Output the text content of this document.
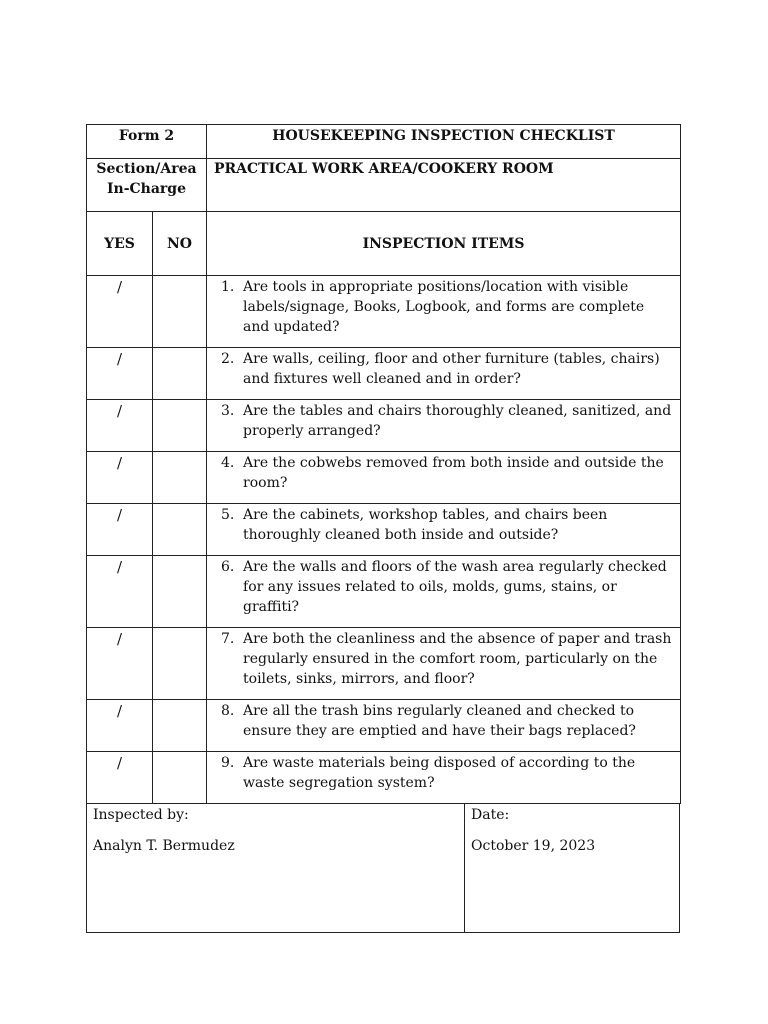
Form 2		HOUSEKEEPING INSPECTION CHECKLIST

Section/Area
In-Charge		PRACTICAL WORK AREA/COOKERY ROOM
YES	NO	INSPECTION ITEMS
/		1. Are tools in appropriate positions/location with visible labels/signage, Books, Logbook, and forms are complete and updated?

/		2. Are walls, ceiling, floor and other furniture (tables, chairs) and fixtures well cleaned and in order?

/		3. Are the tables and chairs thoroughly cleaned, sanitized, and properly arranged?

/		4. Are the cobwebs removed from both inside and outside the room?

/		5. Are the cabinets, workshop tables, and chairs been thoroughly cleaned both inside and outside?

/		6. Are the walls and floors of the wash area regularly checked for any issues related to oils, molds, gums, stains, or graffiti?

/		7. Are both the cleanliness and the absence of paper and trash regularly ensured in the comfort room, particularly on the toilets, sinks, mirrors, and floor?

/		8. Are all the trash bins regularly cleaned and checked to ensure they are emptied and have their bags replaced?

/		9. Are waste materials being disposed of according to the waste segregation system?
Inspected by:
Analyn T. Bermudez
Date:
October 19, 2023
